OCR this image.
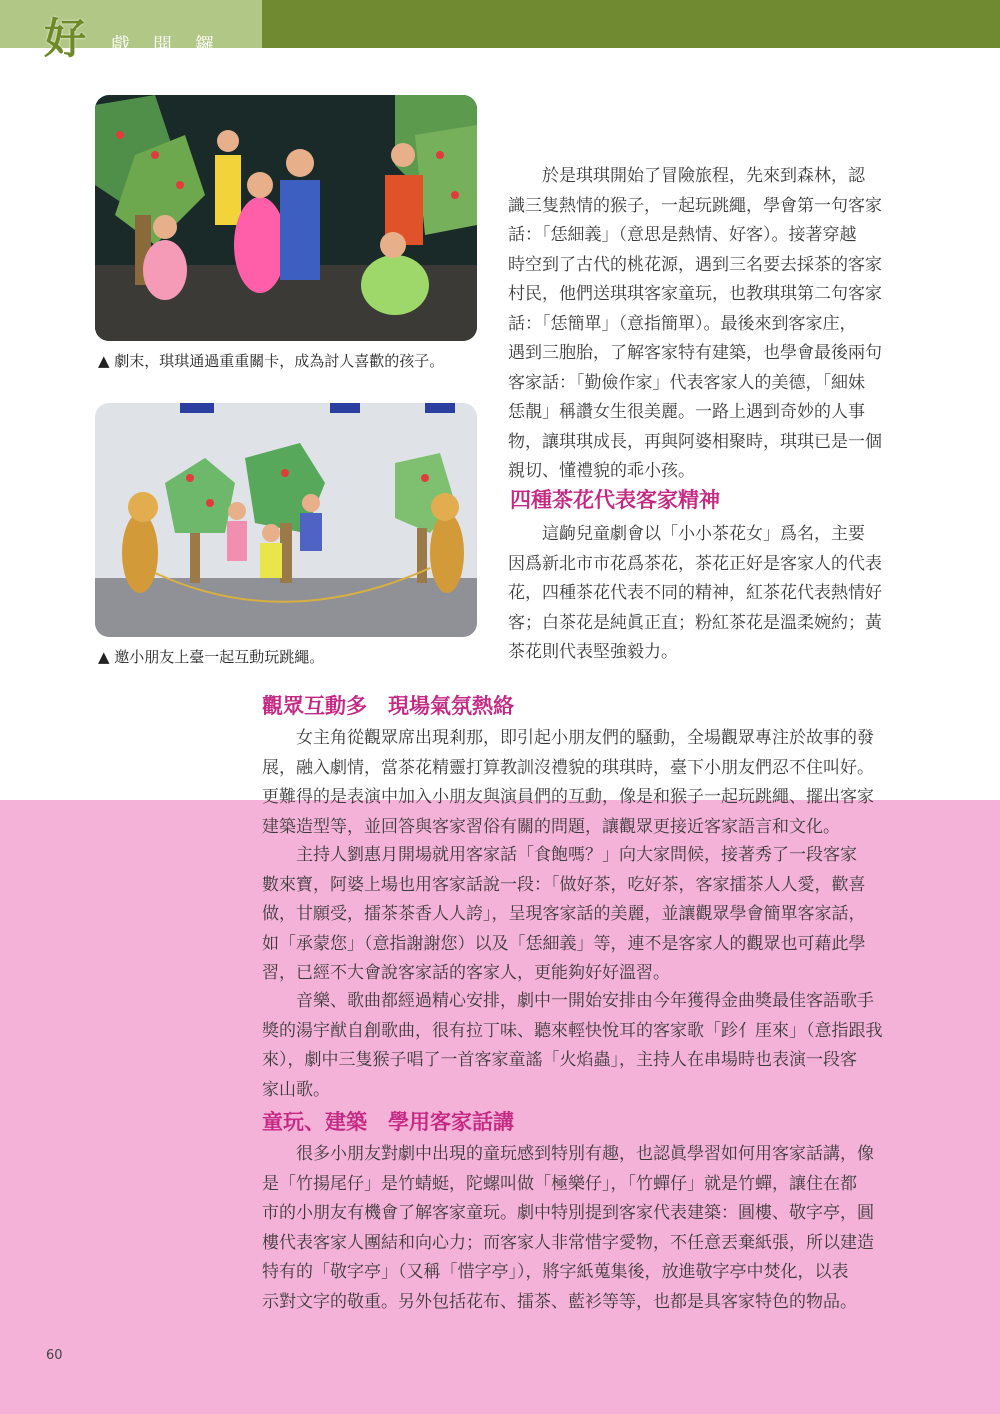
好 ．戲．開．鑼
▲ 劇末，琪琪通過重重關卡，成為討人喜歡的孩子。
▲ 邀小朋友上臺一起互動玩跳繩。

於是琪琪開始了冒險旅程，先來到森林，認
識三隻熱情的猴子，一起玩跳繩，學會第一句客家
話：「恁細義」（意思是熱情、好客）。接著穿越
時空到了古代的桃花源，遇到三名要去採茶的客家
村民，他們送琪琪客家童玩，也教琪琪第二句客家
話：「恁簡單」（意指簡單）。最後來到客家庄，
遇到三胞胎，了解客家特有建築，也學會最後兩句
客家話：「勤儉作家」代表客家人的美德，「細妹
恁靚」稱讚女生很美麗。一路上遇到奇妙的人事
物，讓琪琪成長，再與阿婆相聚時，琪琪已是一個
親切、懂禮貌的乖小孩。

四種茶花代表客家精神

這齣兒童劇會以「小小茶花女」爲名，主要
因爲新北市市花爲茶花，茶花正好是客家人的代表
花，四種茶花代表不同的精神，紅茶花代表熱情好
客；白茶花是純眞正直；粉紅茶花是溫柔婉約；黃
茶花則代表堅強毅力。

觀眾互動多　現場氣氛熱絡

女主角從觀眾席出現剎那，即引起小朋友們的騷動，全場觀眾專注於故事的發
展，融入劇情，當茶花精靈打算教訓沒禮貌的琪琪時，臺下小朋友們忍不住叫好。
更難得的是表演中加入小朋友與演員們的互動，像是和猴子一起玩跳繩、擺出客家
建築造型等，並回答與客家習俗有關的問題，讓觀眾更接近客家語言和文化。

主持人劉惠月開場就用客家話「食飽嗎？」向大家問候，接著秀了一段客家
數來寶，阿婆上場也用客家話說一段：「做好茶，吃好茶，客家擂茶人人愛，歡喜
做，甘願受，擂茶茶香人人誇」，呈現客家話的美麗，並讓觀眾學會簡單客家話，
如「承蒙您」（意指謝謝您）以及「恁細義」等，連不是客家人的觀眾也可藉此學
習，已經不大會說客家話的客家人，更能夠好好溫習。

音樂、歌曲都經過精心安排，劇中一開始安排由今年獲得金曲獎最佳客語歌手
獎的湯宇猷自創歌曲，很有拉丁味、聽來輕快悅耳的客家歌「跈亻厓來」（意指跟我
來），劇中三隻猴子唱了一首客家童謠「火焰蟲」，主持人在串場時也表演一段客
家山歌。

童玩、建築　學用客家話講

很多小朋友對劇中出現的童玩感到特別有趣，也認眞學習如何用客家話講，像
是「竹揚尾仔」是竹蜻蜓，陀螺叫做「極樂仔」，「竹蟬仔」就是竹蟬，讓住在都
市的小朋友有機會了解客家童玩。劇中特別提到客家代表建築：圓樓、敬字亭，圓
樓代表客家人團結和向心力；而客家人非常惜字愛物，不任意丟棄紙張，所以建造
特有的「敬字亭」（又稱「惜字亭」），將字紙蒐集後，放進敬字亭中焚化，以表
示對文字的敬重。另外包括花布、擂茶、藍衫等等，也都是具客家特色的物品。

60
